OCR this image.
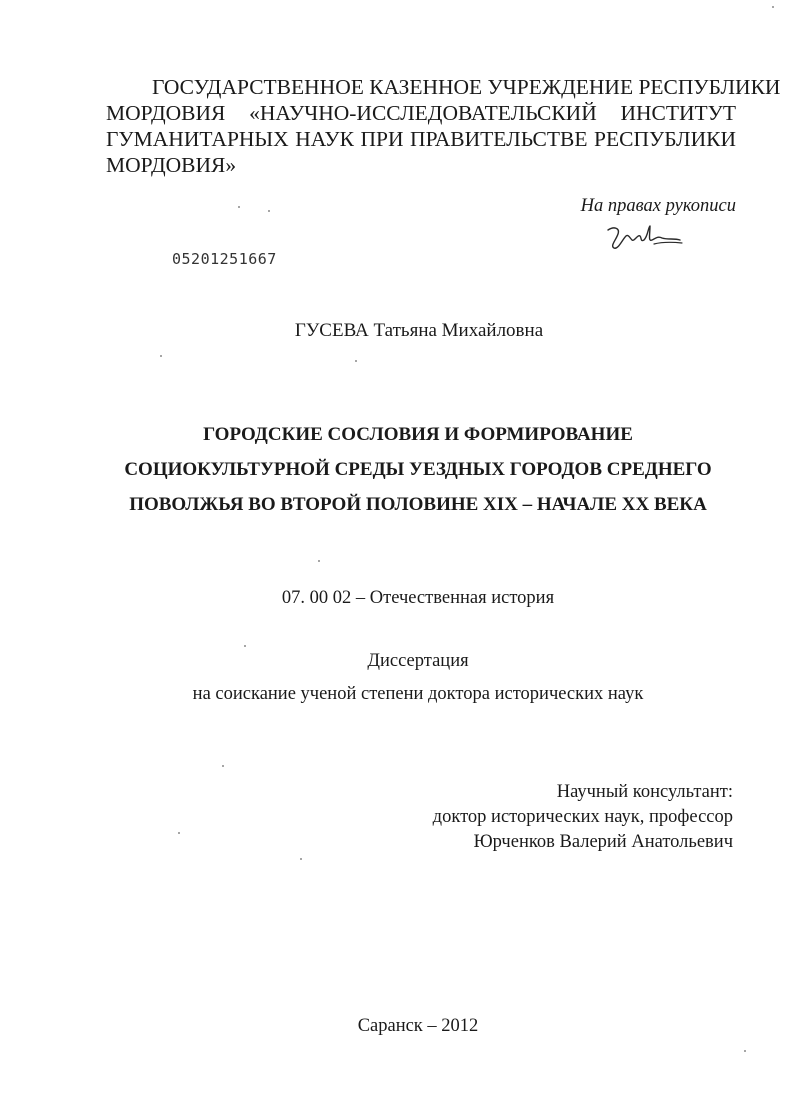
ГОСУДАРСТВЕННОЕ КАЗЕННОЕ УЧРЕЖДЕНИЕ РЕСПУБЛИКИ
МОРДОВИЯ «НАУЧНО-ИССЛЕДОВАТЕЛЬСКИЙ ИНСТИТУТ
ГУМАНИТАРНЫХ НАУК ПРИ ПРАВИТЕЛЬСТВЕ РЕСПУБЛИКИ
МОРДОВИЯ»
На правах рукописи
05201251667
ГУСЕВА Татьяна Михайловна
ГОРОДСКИЕ СОСЛОВИЯ И ФОРМИРОВАНИЕ
СОЦИОКУЛЬТУРНОЙ СРЕДЫ УЕЗДНЫХ ГОРОДОВ СРЕДНЕГО
ПОВОЛЖЬЯ ВО ВТОРОЙ ПОЛОВИНЕ XIX – НАЧАЛЕ XX ВЕКА
07. 00 02 – Отечественная история
Диссертация
на соискание ученой степени доктора исторических наук
Научный консультант:
доктор исторических наук, профессор
Юрченков Валерий Анатольевич
Саранск – 2012
